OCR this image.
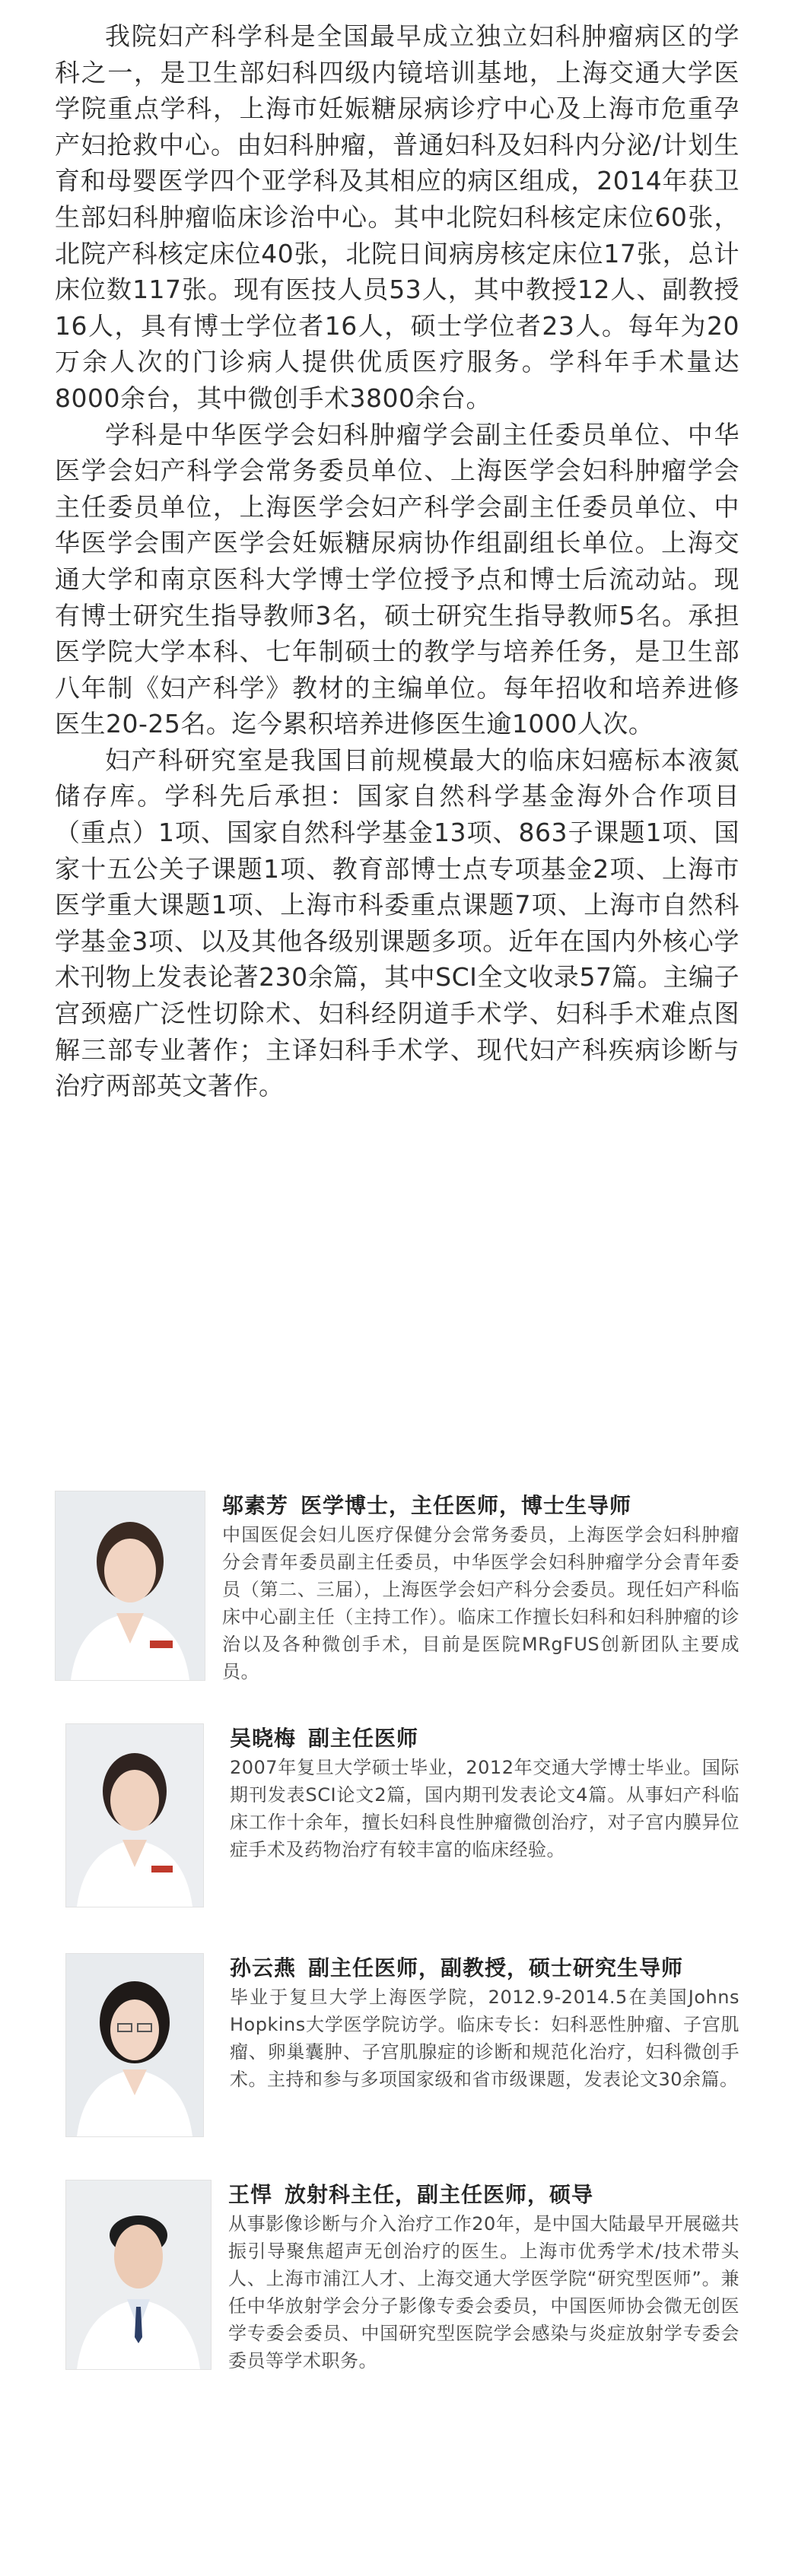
我院妇产科学科是全国最早成立独立妇科肿瘤病区的学科之一，是卫生部妇科四级内镜培训基地，上海交通大学医学院重点学科，上海市妊娠糖尿病诊疗中心及上海市危重孕产妇抢救中心。由妇科肿瘤，普通妇科及妇科内分泌/计划生育和母婴医学四个亚学科及其相应的病区组成，2014年获卫生部妇科肿瘤临床诊治中心。其中北院妇科核定床位60张，北院产科核定床位40张，北院日间病房核定床位17张，总计床位数117张。现有医技人员53人，其中教授12人、副教授16人，具有博士学位者16人，硕士学位者23人。每年为20万余人次的门诊病人提供优质医疗服务。学科年手术量达8000余台，其中微创手术3800余台。

学科是中华医学会妇科肿瘤学会副主任委员单位、中华医学会妇产科学会常务委员单位、上海医学会妇科肿瘤学会主任委员单位，上海医学会妇产科学会副主任委员单位、中华医学会围产医学会妊娠糖尿病协作组副组长单位。上海交通大学和南京医科大学博士学位授予点和博士后流动站。现有博士研究生指导教师3名，硕士研究生指导教师5名。承担医学院大学本科、七年制硕士的教学与培养任务，是卫生部八年制《妇产科学》教材的主编单位。每年招收和培养进修医生20-25名。迄今累积培养进修医生逾1000人次。

妇产科研究室是我国目前规模最大的临床妇癌标本液氮储存库。学科先后承担：国家自然科学基金海外合作项目（重点）1项、国家自然科学基金13项、863子课题1项、国家十五公关子课题1项、教育部博士点专项基金2项、上海市医学重大课题1项、上海市科委重点课题7项、上海市自然科学基金3项、以及其他各级别课题多项。近年在国内外核心学术刊物上发表论著230余篇，其中SCI全文收录57篇。主编子宫颈癌广泛性切除术、妇科经阴道手术学、妇科手术难点图解三部专业著作；主译妇科手术学、现代妇产科疾病诊断与治疗两部英文著作。

邬素芳 医学博士，主任医师，博士生导师
中国医促会妇儿医疗保健分会常务委员，上海医学会妇科肿瘤分会青年委员副主任委员，中华医学会妇科肿瘤学分会青年委员（第二、三届），上海医学会妇产科分会委员。现任妇产科临床中心副主任（主持工作）。临床工作擅长妇科和妇科肿瘤的诊治以及各种微创手术，目前是医院MRgFUS创新团队主要成员。
吴晓梅 副主任医师
2007年复旦大学硕士毕业，2012年交通大学博士毕业。国际期刊发表SCI论文2篇，国内期刊发表论文4篇。从事妇产科临床工作十余年，擅长妇科良性肿瘤微创治疗，对子宫内膜异位症手术及药物治疗有较丰富的临床经验。
孙云燕 副主任医师，副教授，硕士研究生导师
毕业于复旦大学上海医学院，2012.9-2014.5在美国Johns Hopkins大学医学院访学。临床专长：妇科恶性肿瘤、子宫肌瘤、卵巢囊肿、子宫肌腺症的诊断和规范化治疗，妇科微创手术。主持和参与多项国家级和省市级课题，发表论文30余篇。
王悍 放射科主任，副主任医师，硕导
从事影像诊断与介入治疗工作20年，是中国大陆最早开展磁共振引导聚焦超声无创治疗的医生。上海市优秀学术/技术带头人、上海市浦江人才、上海交通大学医学院“研究型医师”。兼任中华放射学会分子影像专委会委员，中国医师协会微无创医学专委会委员、中国研究型医院学会感染与炎症放射学专委会委员等学术职务。
